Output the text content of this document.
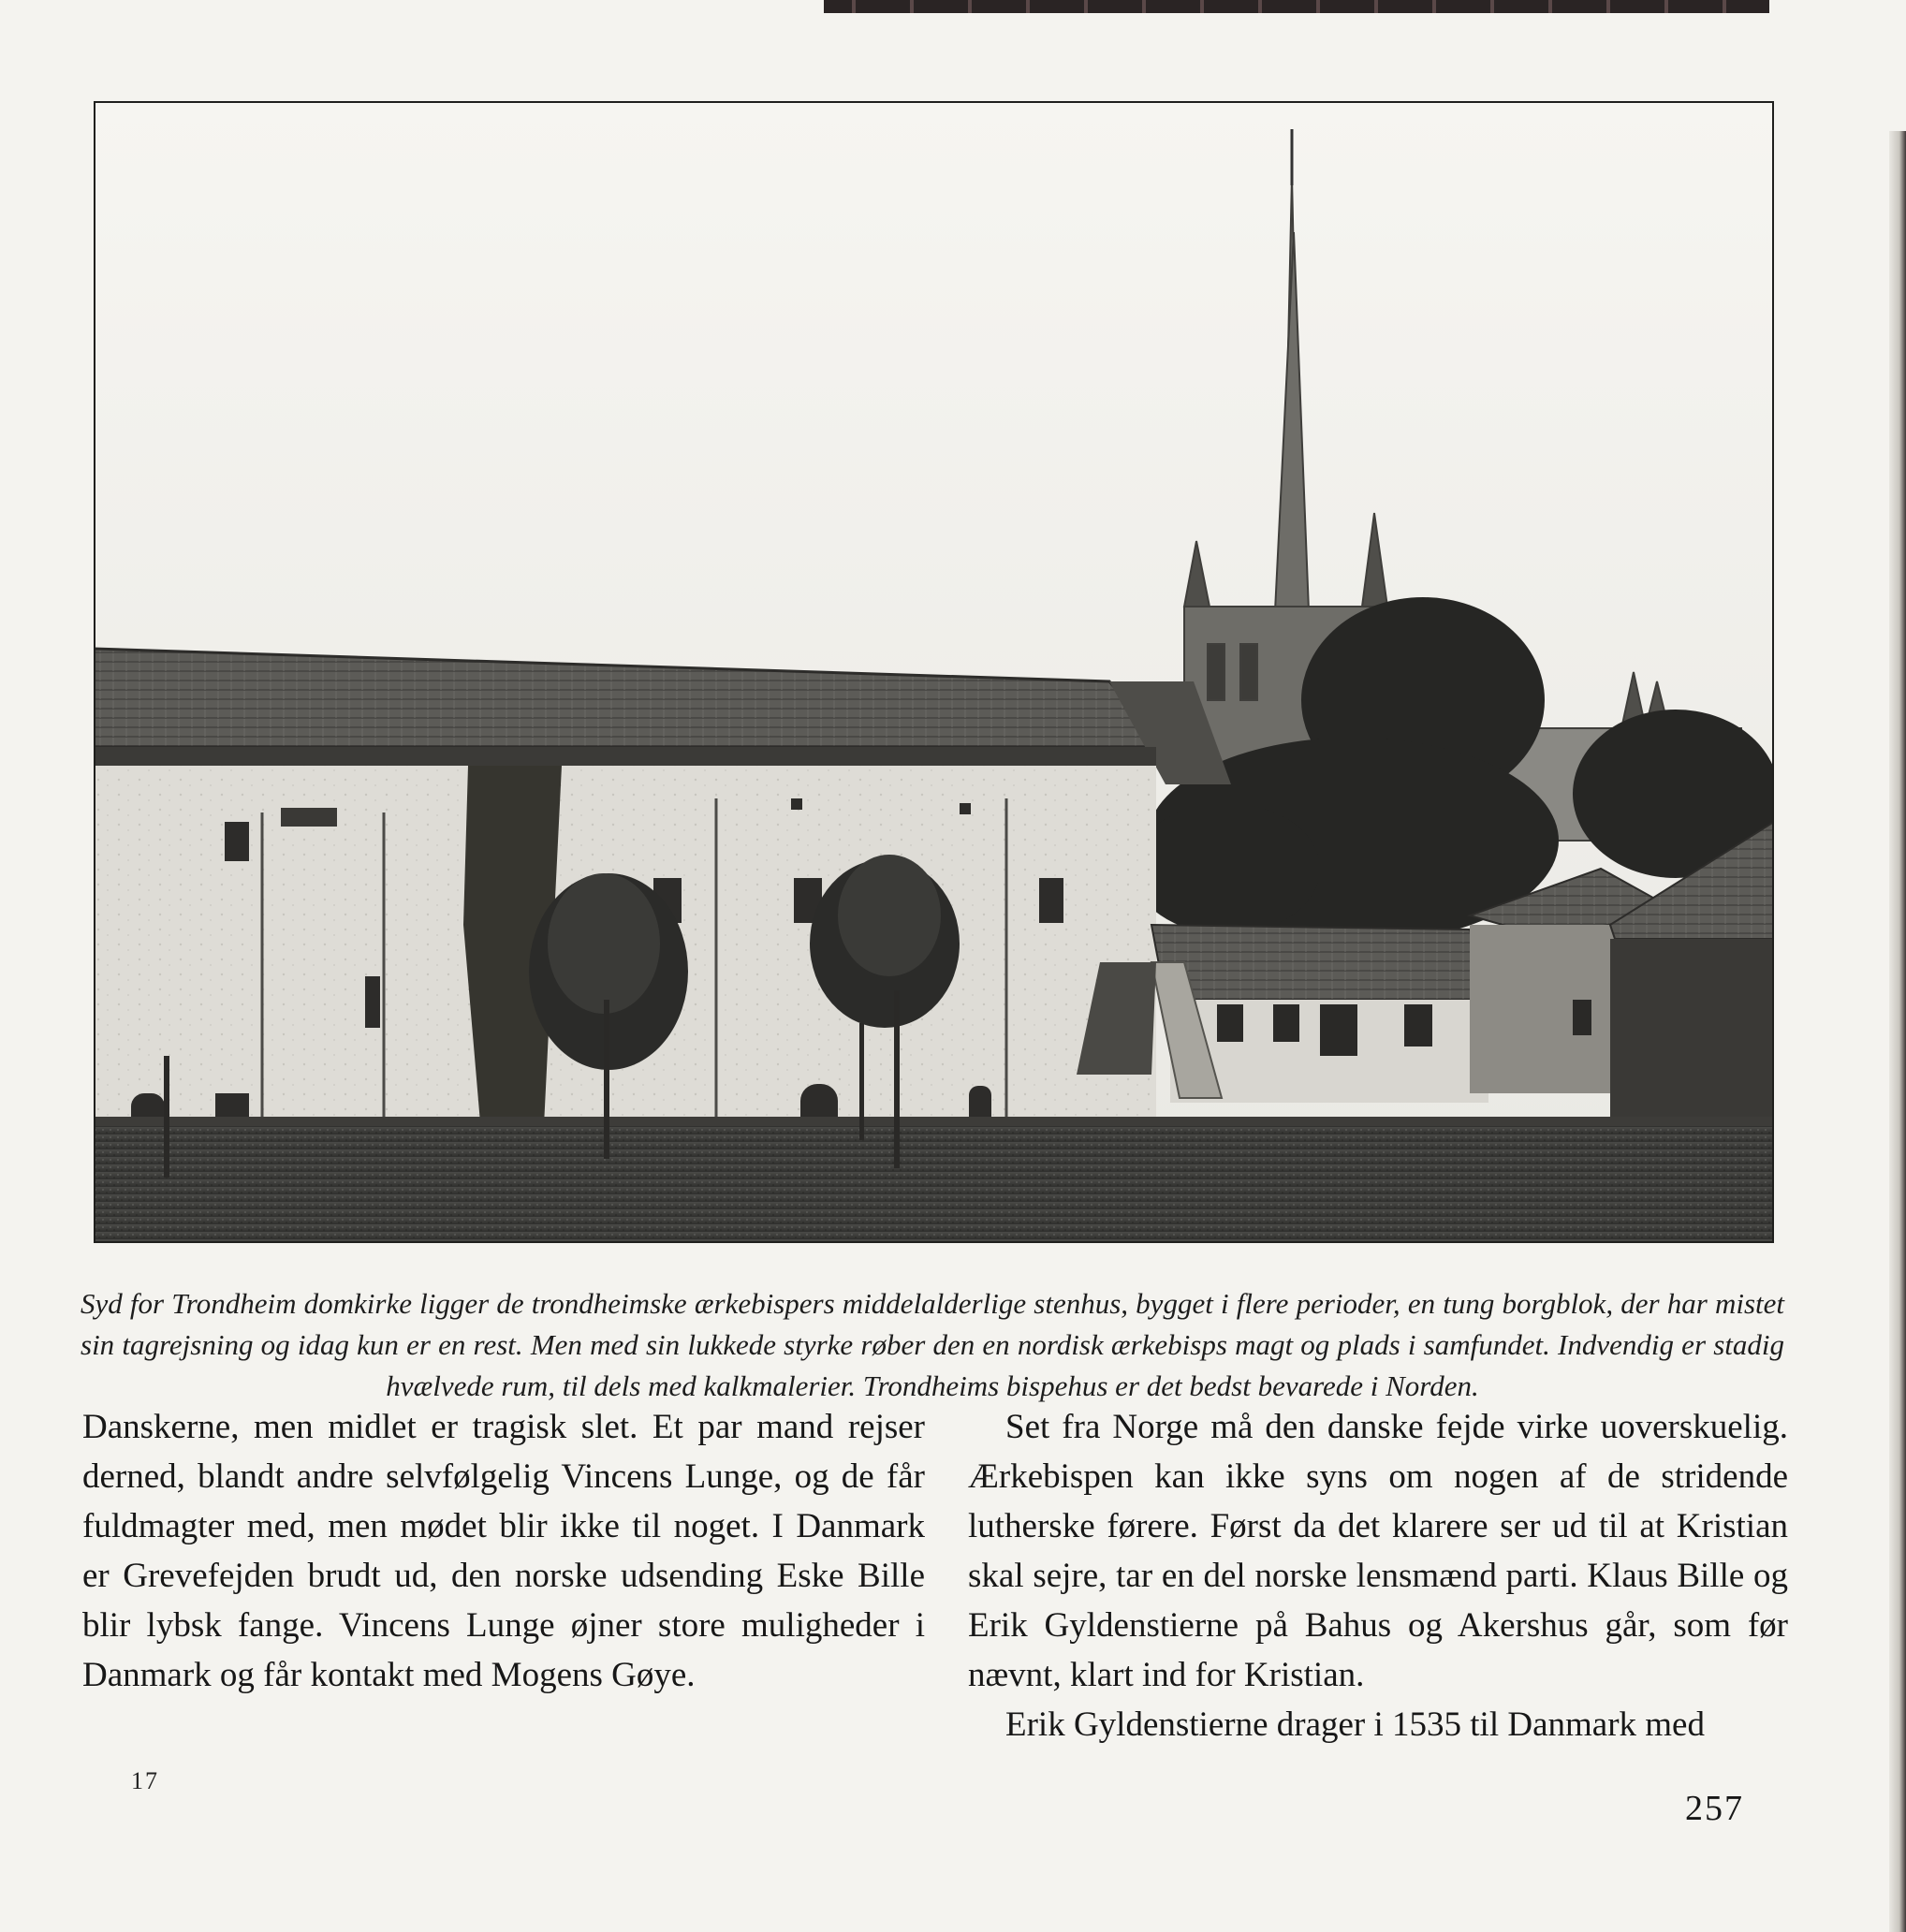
Syd for Trondheim domkirke ligger de trondheimske ærkebispers middelalderlige stenhus, bygget i flere perioder, en tung borgblok, der har mistet sin tagrejsning og idag kun er en rest. Men med sin lukkede styrke røber den en nordisk ærkebisps magt og plads i samfundet. Indvendig er stadig hvælvede rum, til dels med kalkmalerier. Trondheims bispehus er det bedst bevarede i Norden.

Danskerne, men midlet er tragisk slet. Et par mand rejser derned, blandt andre selvfølgelig Vincens Lunge, og de får fuldmagter med, men mødet blir ikke til noget. I Danmark er Grevefejden brudt ud, den norske udsending Eske Bille blir lybsk fange. Vincens Lunge øjner store muligheder i Danmark og får kontakt med Mogens Gøye.

Set fra Norge må den danske fejde virke uoverskuelig. Ærkebispen kan ikke syns om nogen af de stridende lutherske førere. Først da det klarere ser ud til at Kristian skal sejre, tar en del norske lensmænd parti. Klaus Bille og Erik Gyldenstierne på Bahus og Akershus går, som før nævnt, klart ind for Kristian.

Erik Gyldenstierne drager i 1535 til Danmark med

17
257
